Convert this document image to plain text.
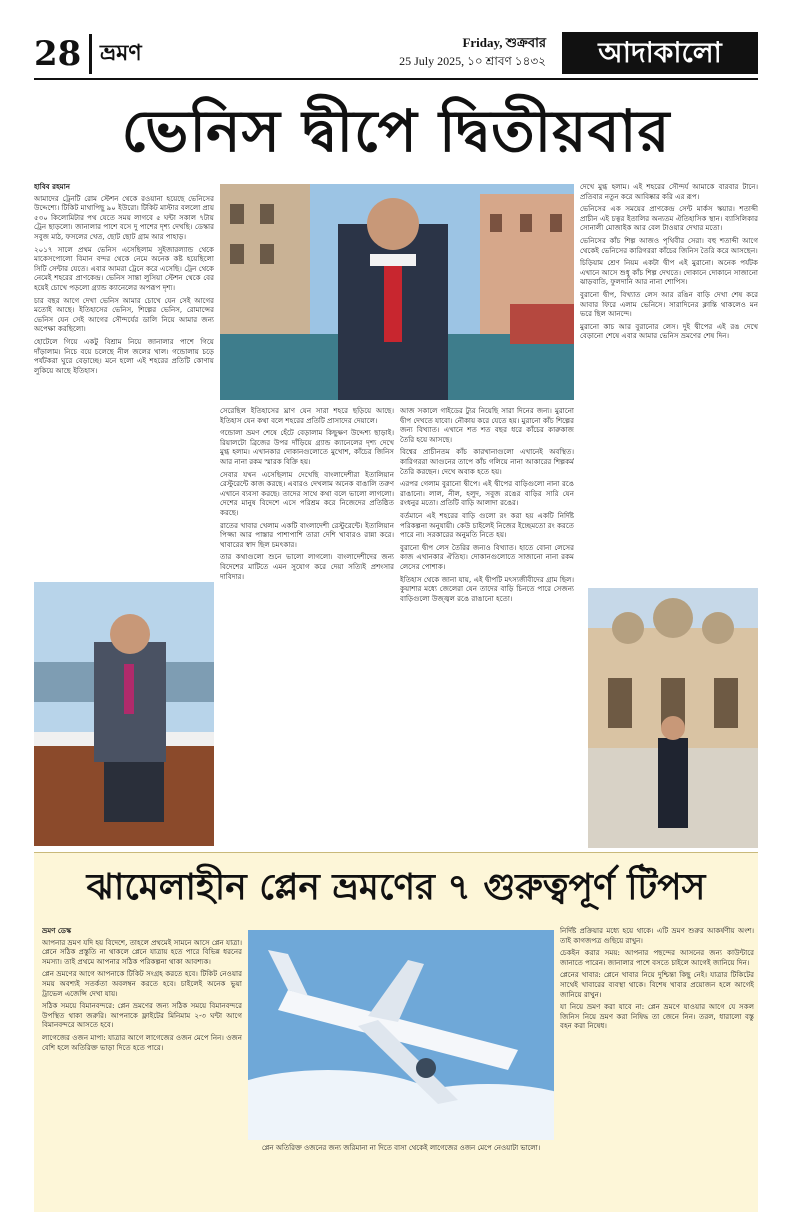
28 ভ্রমণ	Friday, শুক্রবার
25 July 2025, ১০ শ্রাবণ ১৪৩২	আদাকালো
ভেনিস দ্বীপে দ্বিতীয়বার

হাবিব রহমান

আমাদের ট্রেনটি রোম স্টেশন থেকে রওয়ানা হয়েছে ভেনিসের উদ্দেশ্যে। টিকিট মাথাপিছু ৯০ ইউরো। টিকিট মাস্টার বললো প্রায় ৫৩০ কিলোমিটার পথ যেতে সময় লাগবে ৫ ঘন্টা সকাল ৭টায় ট্রেন ছাড়লো। জানালার পাশে বসে দু পাশের দৃশ্য দেখছি। ডেস্কার সবুজ মাঠ, ফসলের খেত, ছোট ছোট গ্রাম আর পাহাড়।

২০১৭ সালে প্রথম ভেনিস এসেছিলাম সুইজারল্যান্ড থেকে মাকেসপোলো বিমান বন্দর থেকে নেমে অনেক কষ্ট হয়েছিলো সিটি সেন্টার যেতে। এবার আমরা ট্রেনে করে এসেছি। ট্রেন থেকে নেমেই শহরের প্রাণকেন্দ্র। ভেনিস সান্তা লুসিয়া স্টেশন থেকে বের হয়েই চোখে পড়লো গ্র্যান্ড ক্যানেলের অপরূপ দৃশ্য।

চার বছর আগে দেখা ভেনিস আমার চোখে যেন সেই আগের মতোই আছে। ইতিহাসের ভেনিস, শিল্পের ভেনিস, রোমান্সের ভেনিস যেন সেই আগের সৌন্দর্যের ডালি নিয়ে আমার জন্য অপেক্ষা করছিলো।

হোটেলে গিয়ে একটু বিশ্রাম নিয়ে জানালার পাশে গিয়ে দাঁড়ালাম। নিচে বয়ে চলেছে নীল জলের খাল। গন্ডোলায় চড়ে পর্যটকরা ঘুরে বেড়াচ্ছে। মনে হলো এই শহরের প্রতিটি কোণায় লুকিয়ে আছে ইতিহাস।

দেখে মুগ্ধ হলাম। এই শহরের সৌন্দর্য আমাকে বারবার টানে। প্রতিবার নতুন করে আবিষ্কার করি এর রূপ।

ভেনিসের এক সময়ের প্রাণকেন্দ্র সেন্ট মার্কস স্কয়ার। শতাব্দী প্রাচীন এই চত্বর ইতালির অন্যতম ঐতিহাসিক স্থান। ব্যাসিলিকার সোনালী মোজাইক আর বেল টাওয়ার দেখার মতো।

ভেনিসের কাঁচ শিল্প আজও পৃথিবীর সেরা। বহু শতাব্দী আগে থেকেই ভেনিসের কারিগররা কাঁচের জিনিস তৈরি করে আসছেন।

চিড়িয়াম শ্রেণ নিয়ম একটা দ্বীপ এই মুরানো। অনেক পর্যটক এখানে আসে শুধু কাঁচ শিল্প দেখতে। দোকানে দোকানে সাজানো ঝাড়বাতি, ফুলদানি আর নানা শোপিস।

বুরানো দ্বীপ, বিখ্যাত লেস আর রঙিন বাড়ি দেখা শেষ করে আবার ফিরে এলাম ভেনিসে। সারাদিনের ক্লান্তি থাকলেও মন ভরে ছিল আনন্দে।

মুরানো কাচ আর বুরানোর লেস। দুই দ্বীপের এই রঙ দেখে বেড়ানো শেষে এবার আমার ভেনিস ভ্রমণের শেষ দিন।

সেরেছিল ইতিহাসের ঘ্রাণ যেন সারা শহরে ছড়িয়ে আছে। ইতিহাস যেন কথা বলে শহরের প্রতিটি প্রাসাদের দেয়ালে।

গন্ডোলা ভ্রমণ শেষে হেঁটে বেড়ালাম কিছুক্ষণ উদ্দেশ্য ছাড়াই। রিয়ালটো ব্রিজের উপর দাঁড়িয়ে গ্র্যান্ড ক্যানেলের দৃশ্য দেখে মুগ্ধ হলাম। এখানকার দোকানগুলোতে মুখোশ, কাঁচের জিনিস আর নানা রকম স্মারক বিক্রি হয়।

সেবার যখন এসেছিলাম দেখেছি বাংলাদেশীরা ইতালিয়ান রেস্টুরেন্টে কাজ করছে। এবারও দেখলাম অনেক বাঙালি তরুণ এখানে ব্যবসা করছে। তাদের সাথে কথা বলে ভালো লাগলো। দেশের মানুষ বিদেশে এসে পরিশ্রম করে নিজেদের প্রতিষ্ঠিত করছে।

রাতের খাবার খেলাম একটি বাংলাদেশী রেস্টুরেন্টে। ইতালিয়ান পিজ্জা আর পাস্তার পাশাপাশি তারা দেশি খাবারও রান্না করে। খাবারের স্বাদ ছিল চমৎকার।

তার কথাগুলো শুনে ভালো লাগলো। বাংলাদেশীদের জন্য বিদেশের মাটিতে এমন সুযোগ করে দেয়া সত্যিই প্রশংসার দাবিদার।

আজ সকালে গাইডের ট্যুর নিয়েছি সারা দিনের জন্য। মুরানো দ্বীপ দেখতে যাবো। নৌকায় করে যেতে হয়। মুরানো কাঁচ শিল্পের জন্য বিখ্যাত। এখানে শত শত বছর ধরে কাঁচের কারুকাজ তৈরি হয়ে আসছে।

বিশ্বের প্রাচীনতম কাঁচ কারখানাগুলো এখানেই অবস্থিত। কারিগররা আগুনের তাপে কাঁচ গলিয়ে নানা আকারের শিল্পকর্ম তৈরি করছেন। দেখে অবাক হতে হয়।

এরপর গেলাম বুরানো দ্বীপে। এই দ্বীপের বাড়িগুলো নানা রঙে রাঙানো। লাল, নীল, হলুদ, সবুজ রঙের বাড়ির সারি যেন রংধনুর মতো। প্রতিটি বাড়ি আলাদা রঙের।

বর্তমানে এই শহরের বাড়ি গুলো রং করা হয় একটি নির্দিষ্ট পরিকল্পনা অনুযায়ী। কেউ চাইলেই নিজের ইচ্ছেমতো রং করতে পারে না। সরকারের অনুমতি নিতে হয়।

বুরানো দ্বীপ লেস তৈরির জন্যও বিখ্যাত। হাতে বোনা লেসের কাজ এখানকার ঐতিহ্য। দোকানগুলোতে সাজানো নানা রকম লেসের পোশাক।

ইতিহাস থেকে জানা যায়, এই দ্বীপটি মৎস্যজীবীদের গ্রাম ছিল। কুয়াশার মধ্যে জেলেরা যেন তাদের বাড়ি চিনতে পারে সেজন্য বাড়িগুলো উজ্জ্বল রঙে রাঙানো হতো।

ঝামেলাহীন প্লেন ভ্রমণের ৭ গুরুত্বপূর্ণ টিপস

ভ্রমণ ডেস্ক

আপনার ভ্রমণ যদি হয় বিদেশে, তাহলে প্রথমেই সামনে আসে প্লেন যাত্রা। প্লেনে সঠিক প্রস্তুতি না থাকলে প্লেনে যাত্রায় হতে পারে বিভিন্ন ধরনের সমস্যা। তাই প্রথমে আপনার সঠিক পরিকল্পনা থাকা আবশ্যক।

প্লেন ভ্রমণের আগে আপনাকে টিকিট সংগ্রহ করতে হবে। টিকিট নেওয়ার সময় অবশ্যই সতর্কতা অবলম্বন করতে হবে। চাইলেই অনেক ভুয়া ট্রাভেল এজেন্সি দেখা যায়।

সঠিক সময়ে বিমানবন্দরে: প্লেন ভ্রমণের জন্য সঠিক সময়ে বিমানবন্দরে উপস্থিত থাকা জরুরি। আপনাকে ফ্লাইটের মিনিমাম ২-৩ ঘন্টা আগে বিমানবন্দরে আসতে হবে।

লাগেজের ওজন মাপা: যাত্রার আগে লাগেজের ওজন মেপে নিন। ওজন বেশি হলে অতিরিক্ত ভাড়া দিতে হতে পারে।

প্লেন অতিরিক্ত ওজনের জন্য জরিমানা না দিতে বাসা থেকেই লাগেজের ওজন মেপে নেওয়াটা ভালো।

নির্দিষ্ট প্রক্রিয়ার মধ্যে হয়ে থাকে। এটি ভ্রমণ শুরুর আকর্ষণীয় অংশ। তাই কাগজপত্র গুছিয়ে রাখুন।

চেকইন করার সময়: আপনার পছন্দের আসনের জন্য কাউন্টারে জানাতে পারেন। জানালার পাশে বসতে চাইলে আগেই জানিয়ে দিন।

প্লেনের খাবার: প্লেনে খাবার নিয়ে দুশ্চিন্তা কিছু নেই। যাত্রার টিকিটের সাথেই খাবারের ব্যবস্থা থাকে। বিশেষ খাবার প্রয়োজন হলে আগেই জানিয়ে রাখুন।

যা নিয়ে ভ্রমণ করা যাবে না: প্লেন ভ্রমণে যাওয়ার আগে যে সকল জিনিস নিয়ে ভ্রমণ করা নিষিদ্ধ তা জেনে নিন। তরল, ধারালো বস্তু বহন করা নিষেধ।
